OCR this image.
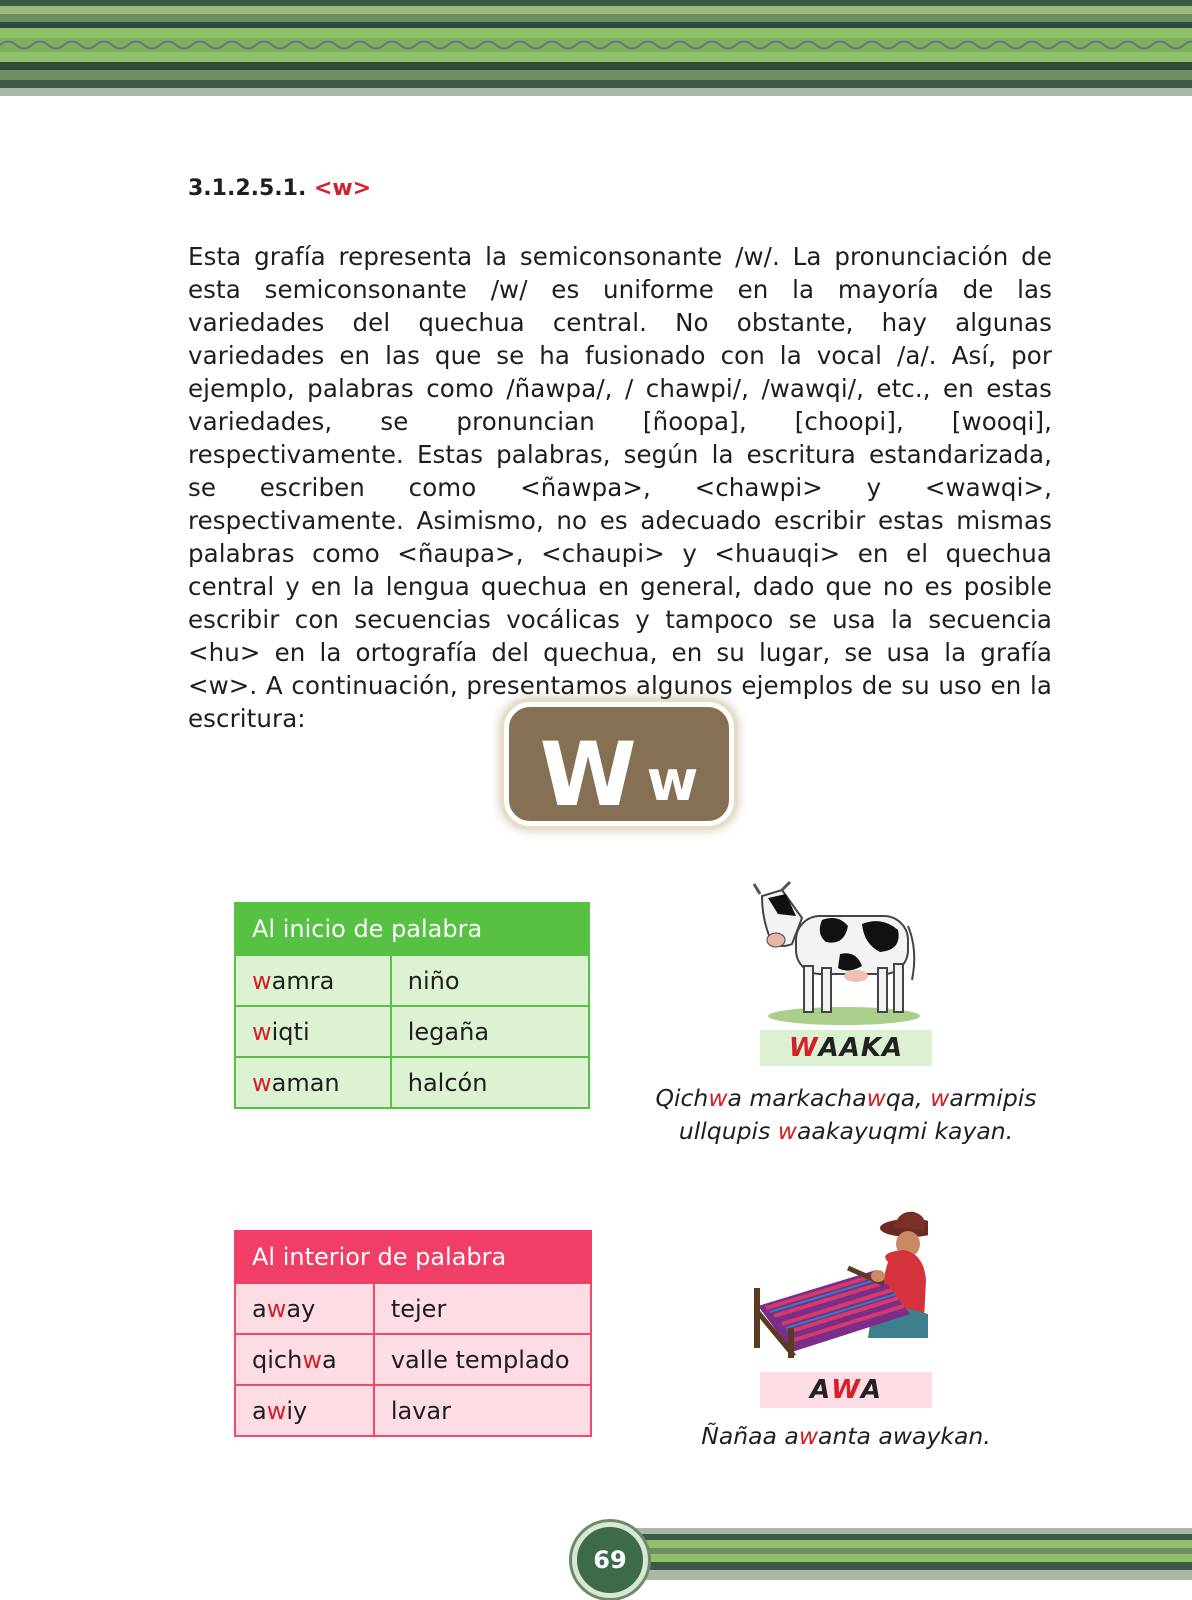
3.1.2.5.1. <w>

Esta grafía representa la semiconsonante /w/. La pronunciación de esta semiconsonante /w/ es uniforme en la mayoría de las variedades del quechua central. No obstante, hay algunas variedades en las que se ha fusionado con la vocal /a/. Así, por ejemplo, palabras como /ñawpa/, / chawpi/, /wawqi/, etc., en estas variedades, se pronuncian [ñoopa], [choopi], [wooqi], respectivamente. Estas palabras, según la escritura estandarizada, se escriben como <ñawpa>, <chawpi> y <wawqi>, respectivamente. Asimismo, no es adecuado escribir estas mismas palabras como <ñaupa>, <chaupi> y <huauqi> en el quechua central y en la lengua quechua en general, dado que no es posible escribir con secuencias vocálicas y tampoco se usa la secuencia <hu> en la ortografía del quechua, en su lugar, se usa la grafía <w>. A continuación, presentamos algunos ejemplos de su uso en la escritura:

W w
Al inicio de palabra	
wamra	niño
wiqti	legaña
waman	halcón
Al interior de palabra	
away	tejer
qichwa	valle templado
awiy	lavar
W AAKA
Qichwa markachawqa, warmipis
ullqupis waakayuqmi kayan.
A W A
Ñañaa awanta awaykan.
69
